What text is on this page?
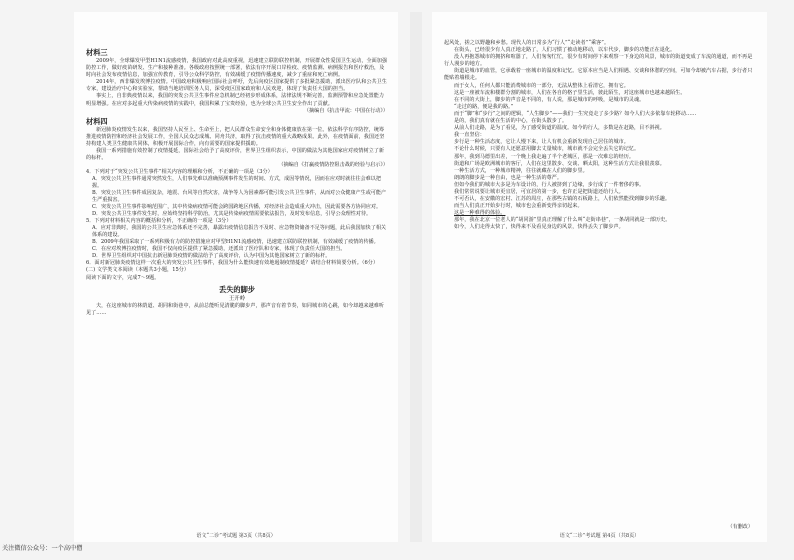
材料三
2009年，全球爆发甲型H1N1流感疫情，我国政府对此高度重视，迅速建立联防联控机制，开展群众性爱国卫生运动，全面加强防控工作，做好疫苗研发、生产和接种准备。各级政府按照统一部署，依法有序开展口岸检疫、疫情监测、病例报告和医疗救治，及时向社会发布疫情信息，加强宣传教育，引导公众科学防控，有效减缓了疫情传播速度，减少了重症和死亡病例。
2014年，西非爆发埃博拉疫情。中国政府积极响应国际社会呼吁，先后向疫区国家提供了多批紧急援助，派出医疗队和公共卫生专家，建设治疗中心和实验室，帮助当地培训医务人员，深受疫区国家政府和人民欢迎，体现了负责任大国的担当。
事实上，自非典疫情以来，我国的突发公共卫生事件应急机制已经初步形成体系，法律法规不断完善，监测预警和应急处置能力明显增强。在应对多起重大传染病疫情的实践中，我国积累了宝贵经验，也为全球公共卫生安全作出了贡献。
（摘编自《抗击甲流：中国在行动》）
材料四
新冠肺炎疫情发生以来，我国坚持人民至上、生命至上，把人民群众生命安全和身体健康放在第一位。依法科学有序防控，统筹推进疫情防控和经济社会发展工作，全国人民众志成城、同舟共济，取得了抗击疫情的重大战略成果。此外，在疫情面前，我国还坚持构建人类卫生健康共同体，积极开展国际合作，向有需要的国家提供援助。
我国一系列措施有效控制了疫情蔓延，国际社会给予了高度评价，世界卫生组织表示，中国的做法为其他国家应对疫情树立了新的标杆。
（摘编自《打赢疫情防控阻击战的经验与启示》）
4．下列对于“突发公共卫生事件”相关内容的理解和分析，不正确的一项是（3分）
A．突发公共卫生事件通常突然发生，人们事先难以准确预测事件发生的时间、方式，成因等情况，因而在应对时就往往会难以把握。
B．突发公共卫生事件成因复杂，地震、台风等自然灾害，战争等人为因素都可能引发公共卫生事件，从而对公众健康产生或可能产生严重损害。
C．突发公共卫生事件影响范围广，其中传染病疫情可能会跨国跨地区传播，对经济社会造成重大冲击，因此需要各方协同应对。
D．突发公共卫生事件发生时，应始终坚持科学防治，尤其是传染病疫情需要依法报告，及时发布信息，引导公众理性对待。
5．下列对材料相关内容的概括和分析，不正确的一项是（3分）
A．应对非典时，我国的公共卫生应急体系还不完善，暴露出疫情信息报告不及时、应急物资储备不足等问题，此后我国加快了相关体系的建设。
B．2009年我国采取了一系列积极有力的防控措施应对甲型H1N1流感疫情，迅速建立联防联控机制，有效减缓了疫情的传播。
C．在应对埃博拉疫情时，我国不仅向疫区提供了紧急援助，还派出了医疗队和专家，体现了负责任大国的担当。
D．世界卫生组织对中国抗击新冠肺炎疫情的做法给予了高度评价，认为中国为其他国家树立了新的标杆。
6．面对新冠肺炎疫情这样一次重大的突发公共卫生事件，我国为什么能快速有效地遏制疫情蔓延？请结合材料简要分析。（6分）
(二) 文学类文本阅读（本题共3小题，15分）
阅读下面的文字，完成7～9题。
丢失的脚步
王开岭
夫，在这座城市的林荫道、胡同和街巷中，从前总能听见清脆的脚步声，那声音有着节奏，如同城市的心跳，如今却越来越难听见了……
语文“二诊”考试题 第3页（共8页）
起风处，搓之以野趣和乡愁。现代人的日常多为“行人”“走读者”“乘客”。
在街头，已经很少有人真正地走路了，人们习惯了被动地移动，以车代步，脚步的功能正在退化。
没人再抱怨城市的拥挤和喧嚣了，人们匆匆忙忙，很少有时间停下来观察一下身边的风景，城市的街道变成了车流的通道，而不再是行人漫步的地方。
街道是城市的血管，它承载着一座城市的温度和记忆。它原本应当是人们相遇、交谈和休憩的空间，可如今却被汽车占据，步行者只能贴着墙根走。
而于女人，任何人都只能消费城市的一部分，无法从整体上看清它，拥有它。
这是一座被车流和楼群分割的城市，人们在各自的格子里生活，彼此陌生，对这座城市也越来越陌生。
在不同的大街上，脚步的声音是不同的，有人说，那是城市的呼吸，是城市的灵魂。
“走过的路，便是我的路。”
而于“脚”和“步行”之间的逻辑，“人生脚步”——我们一生究竟走了多少路？如今人们大多依靠车轮移动……
是的，我们真有就在生活的中心，在街头散步了。
从前人们走路，是为了看见，为了感受街道的温度。如今的行人，多数是在赶路，目不斜视。
我一直坚信：
步行是一种生活态度，它让人慢下来，让人有机会重新发现自己居住的城市。
不论什么时候，只要有人还愿意用脚去丈量城市，城市就不会完全丢失它的记忆。
那年，我到马德里出差，一个晚上我走遍了半个老城区，那是一次难忘的经历。
街道和广场是欧洲城市的客厅，人们在这里散步、交谈、晒太阳，这种生活方式让我很羡慕。
一种生活方式，一种城市精神，往往就藏在人们的脚步里。
朗朗的脚步是一种自由，也是一种生活的尊严。
但如今我们的城市大多是为车设计的，行人被挤到了边缘，步行成了一件奢侈的事。
我们常常说要让城市更宜居，可宜居的第一步，也许正是把街道还给行人。
不可否认，在安徽的宏村、江苏的周庄，在那些古镇的石板路上，人们依然能找到脚步的乐趣。
而当人们真正开始步行时，城市也会重新变得亲切起来。
这是一种难得的体验。
那年，我在北京一位老人的“胡同游”里真正理解了什么叫“走街串巷”，一条胡同就是一部历史。
如今，人们走得太快了，快得来不及看见身边的风景，快得丢失了脚步声。
（有删改）
语文“二诊”考试题 第4页（共8页）
关注微信公众号：一个高中僧
